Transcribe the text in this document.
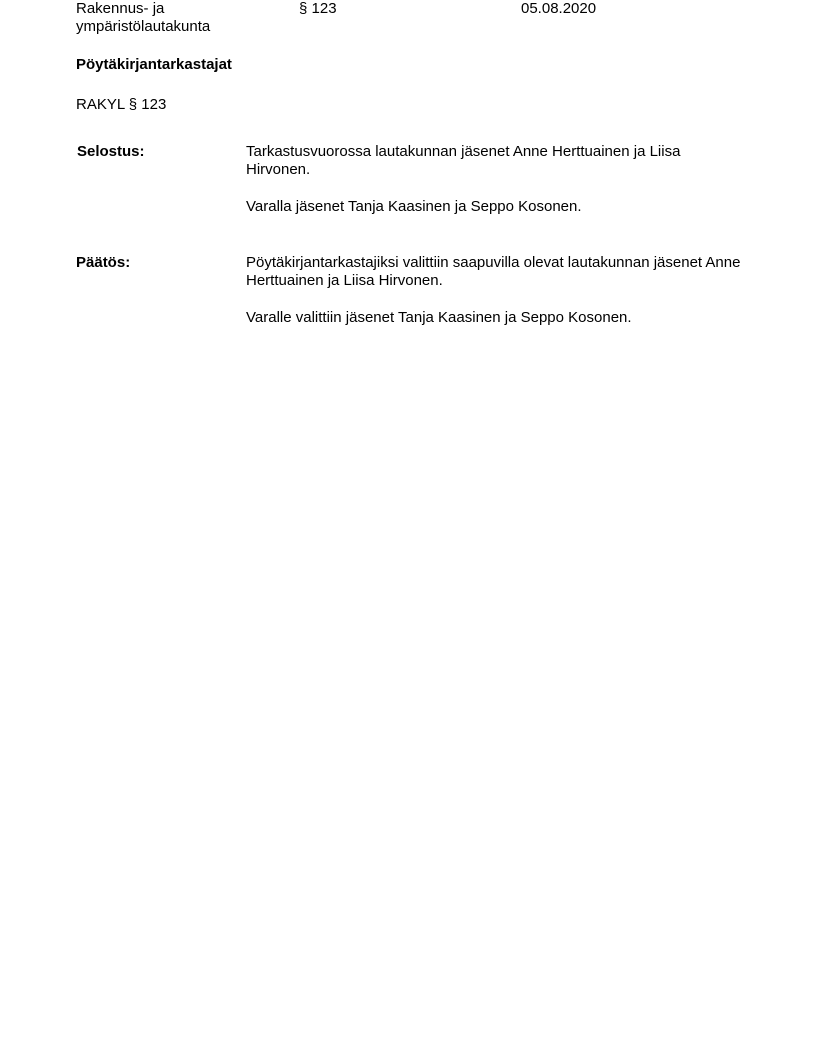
Rakennus- ja
ympäristölautakunta
§ 123	05.08.2020
Pöytäkirjantarkastajat
RAKYL § 123
Selostus:	Tarkastusvuorossa lautakunnan jäsenet Anne Herttuainen ja Liisa Hirvonen.

Varalla jäsenet Tanja Kaasinen ja Seppo Kosonen.

Päätös:	Pöytäkirjantarkastajiksi valittiin saapuvilla olevat lautakunnan jäsenet Anne Herttuainen ja Liisa Hirvonen.

Varalle valittiin jäsenet Tanja Kaasinen ja Seppo Kosonen.
